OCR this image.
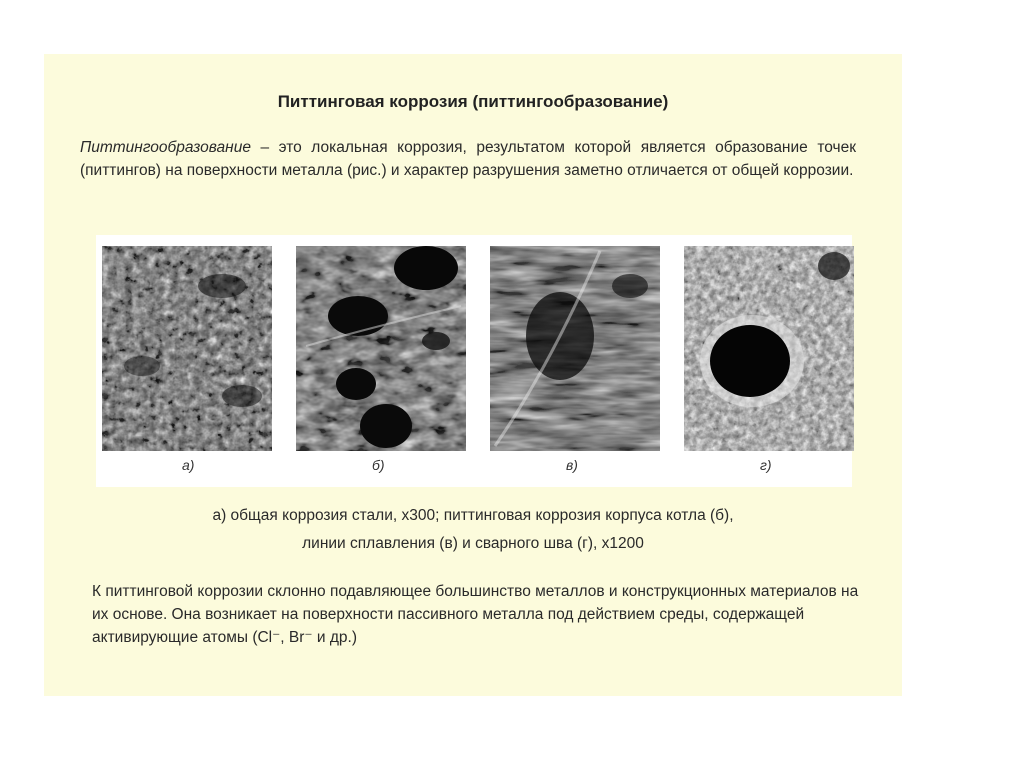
Питтинговая коррозия (питтингообразование)
Питтингообразование – это локальная коррозия, результатом которой является образование точек (питтингов) на поверхности металла (рис.) и характер разрушения заметно отличается от общей коррозии.
а)	б)	в)	г)
а) общая коррозия стали, х300; питтинговая коррозия корпуса котла (б),
линии сплавления (в) и сварного шва (г), х1200
К питтинговой коррозии склонно подавляющее большинство металлов и конструкционных материалов на их основе. Она возникает на поверхности пассивного металла под действием среды, содержащей активирующие атомы (Cl⁻, Br⁻ и др.)
